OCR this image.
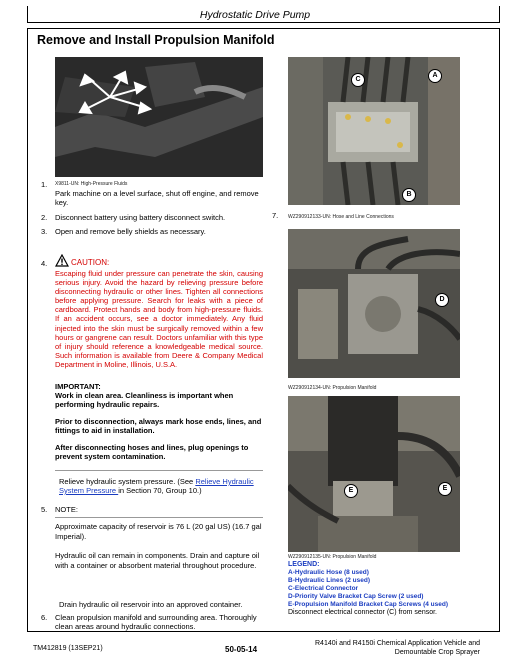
Hydrostatic Drive Pump
Remove and Install Propulsion Manifold
X9811-UN: High-Pressure Fluids
1.
Park machine on a level surface, shut off engine, and remove key.
2. Disconnect battery using battery disconnect switch.
3. Open and remove belly shields as necessary.
4.	CAUTION:
Escaping fluid under pressure can penetrate the skin, causing serious injury. Avoid the hazard by relieving pressure before disconnecting hydraulic or other lines. Tighten all connections before applying pressure. Search for leaks with a piece of cardboard. Protect hands and body from high-pressure fluids. If an accident occurs, see a doctor immediately. Any fluid injected into the skin must be surgically removed within a few hours or gangrene can result. Doctors unfamiliar with this type of injury should reference a knowledgeable medical source. Such information is available from Deere & Company Medical Department in Moline, Illinois, U.S.A.
IMPORTANT:
Work in clean area. Cleanliness is important when performing hydraulic repairs.
Prior to disconnection, always mark hose ends, lines, and fittings to aid in installation.
After disconnecting hoses and lines, plug openings to prevent system contamination.
Relieve hydraulic system pressure. (See Relieve Hydraulic System Pressure in Section 70, Group 10.)
5. NOTE:
Approximate capacity of reservoir is 76 L (20 gal US) (16.7 gal Imperial).
Hydraulic oil can remain in components. Drain and capture oil with a container or absorbent material throughout procedure.
Drain hydraulic oil reservoir into an approved container.
6. Clean propulsion manifold and surrounding area. Thoroughly clean areas around hydraulic connections.
C
A
B
7. WZ290912133-UN: Hose and Line Connections
D
WZ290912134-UN: Propulsion Manifold
E	E
WZ290912135-UN: Propulsion Manifold
LEGEND:
A-Hydraulic Hose (8 used)
B-Hydraulic Lines (2 used)
C-Electrical Connector
D-Priority Valve Bracket Cap Screw (2 used)
E-Propulsion Manifold Bracket Cap Screws (4 used)
Disconnect electrical connector (C) from sensor.
TM412819 (13SEP21)	50-05-14
R4140i and R4150i Chemical Application Vehicle and
Demountable Crop Sprayer
